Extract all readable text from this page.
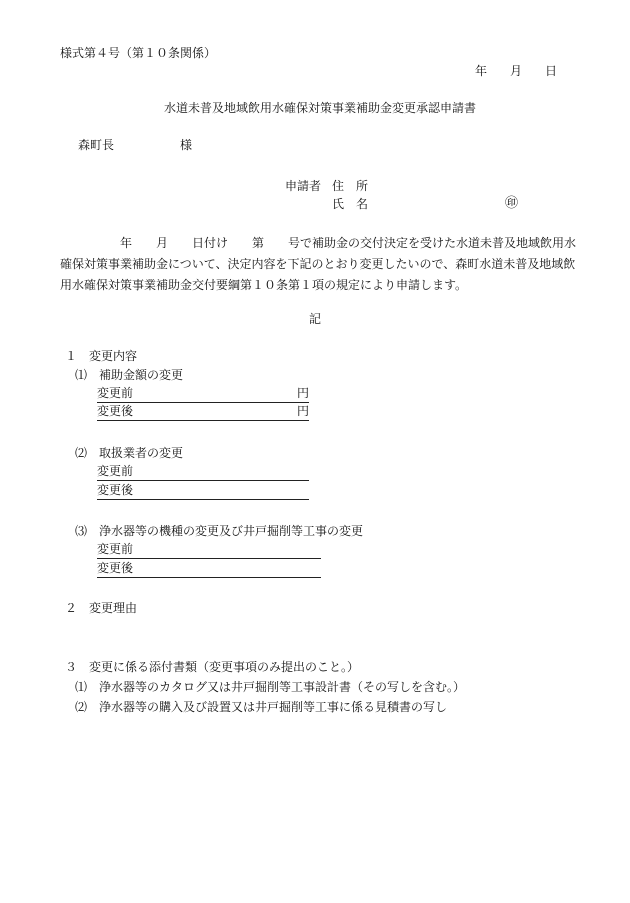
様式第４号（第１０条関係）
年 月 日
水道未普及地域飲用水確保対策事業補助金変更承認申請書
森町長	様
申請者 住　所
氏　名	㊞
年　　月　　日付け　　第　　号で補助金の交付決定を受けた水道未普及地域飲用水
確保対策事業補助金について、決定内容を下記のとおり変更したいので、森町水道未普及地域飲
用水確保対策事業補助金交付要綱第１０条第１項の規定により申請します。
記
１　変更内容
⑴　補助金額の変更
変更前	円
変更後	円
⑵　取扱業者の変更
変更前
変更後
⑶　浄水器等の機種の変更及び井戸掘削等工事の変更
変更前
変更後
２　変更理由
３　変更に係る添付書類（変更事項のみ提出のこと。）
⑴　浄水器等のカタログ又は井戸掘削等工事設計書（その写しを含む。）
⑵　浄水器等の購入及び設置又は井戸掘削等工事に係る見積書の写し
